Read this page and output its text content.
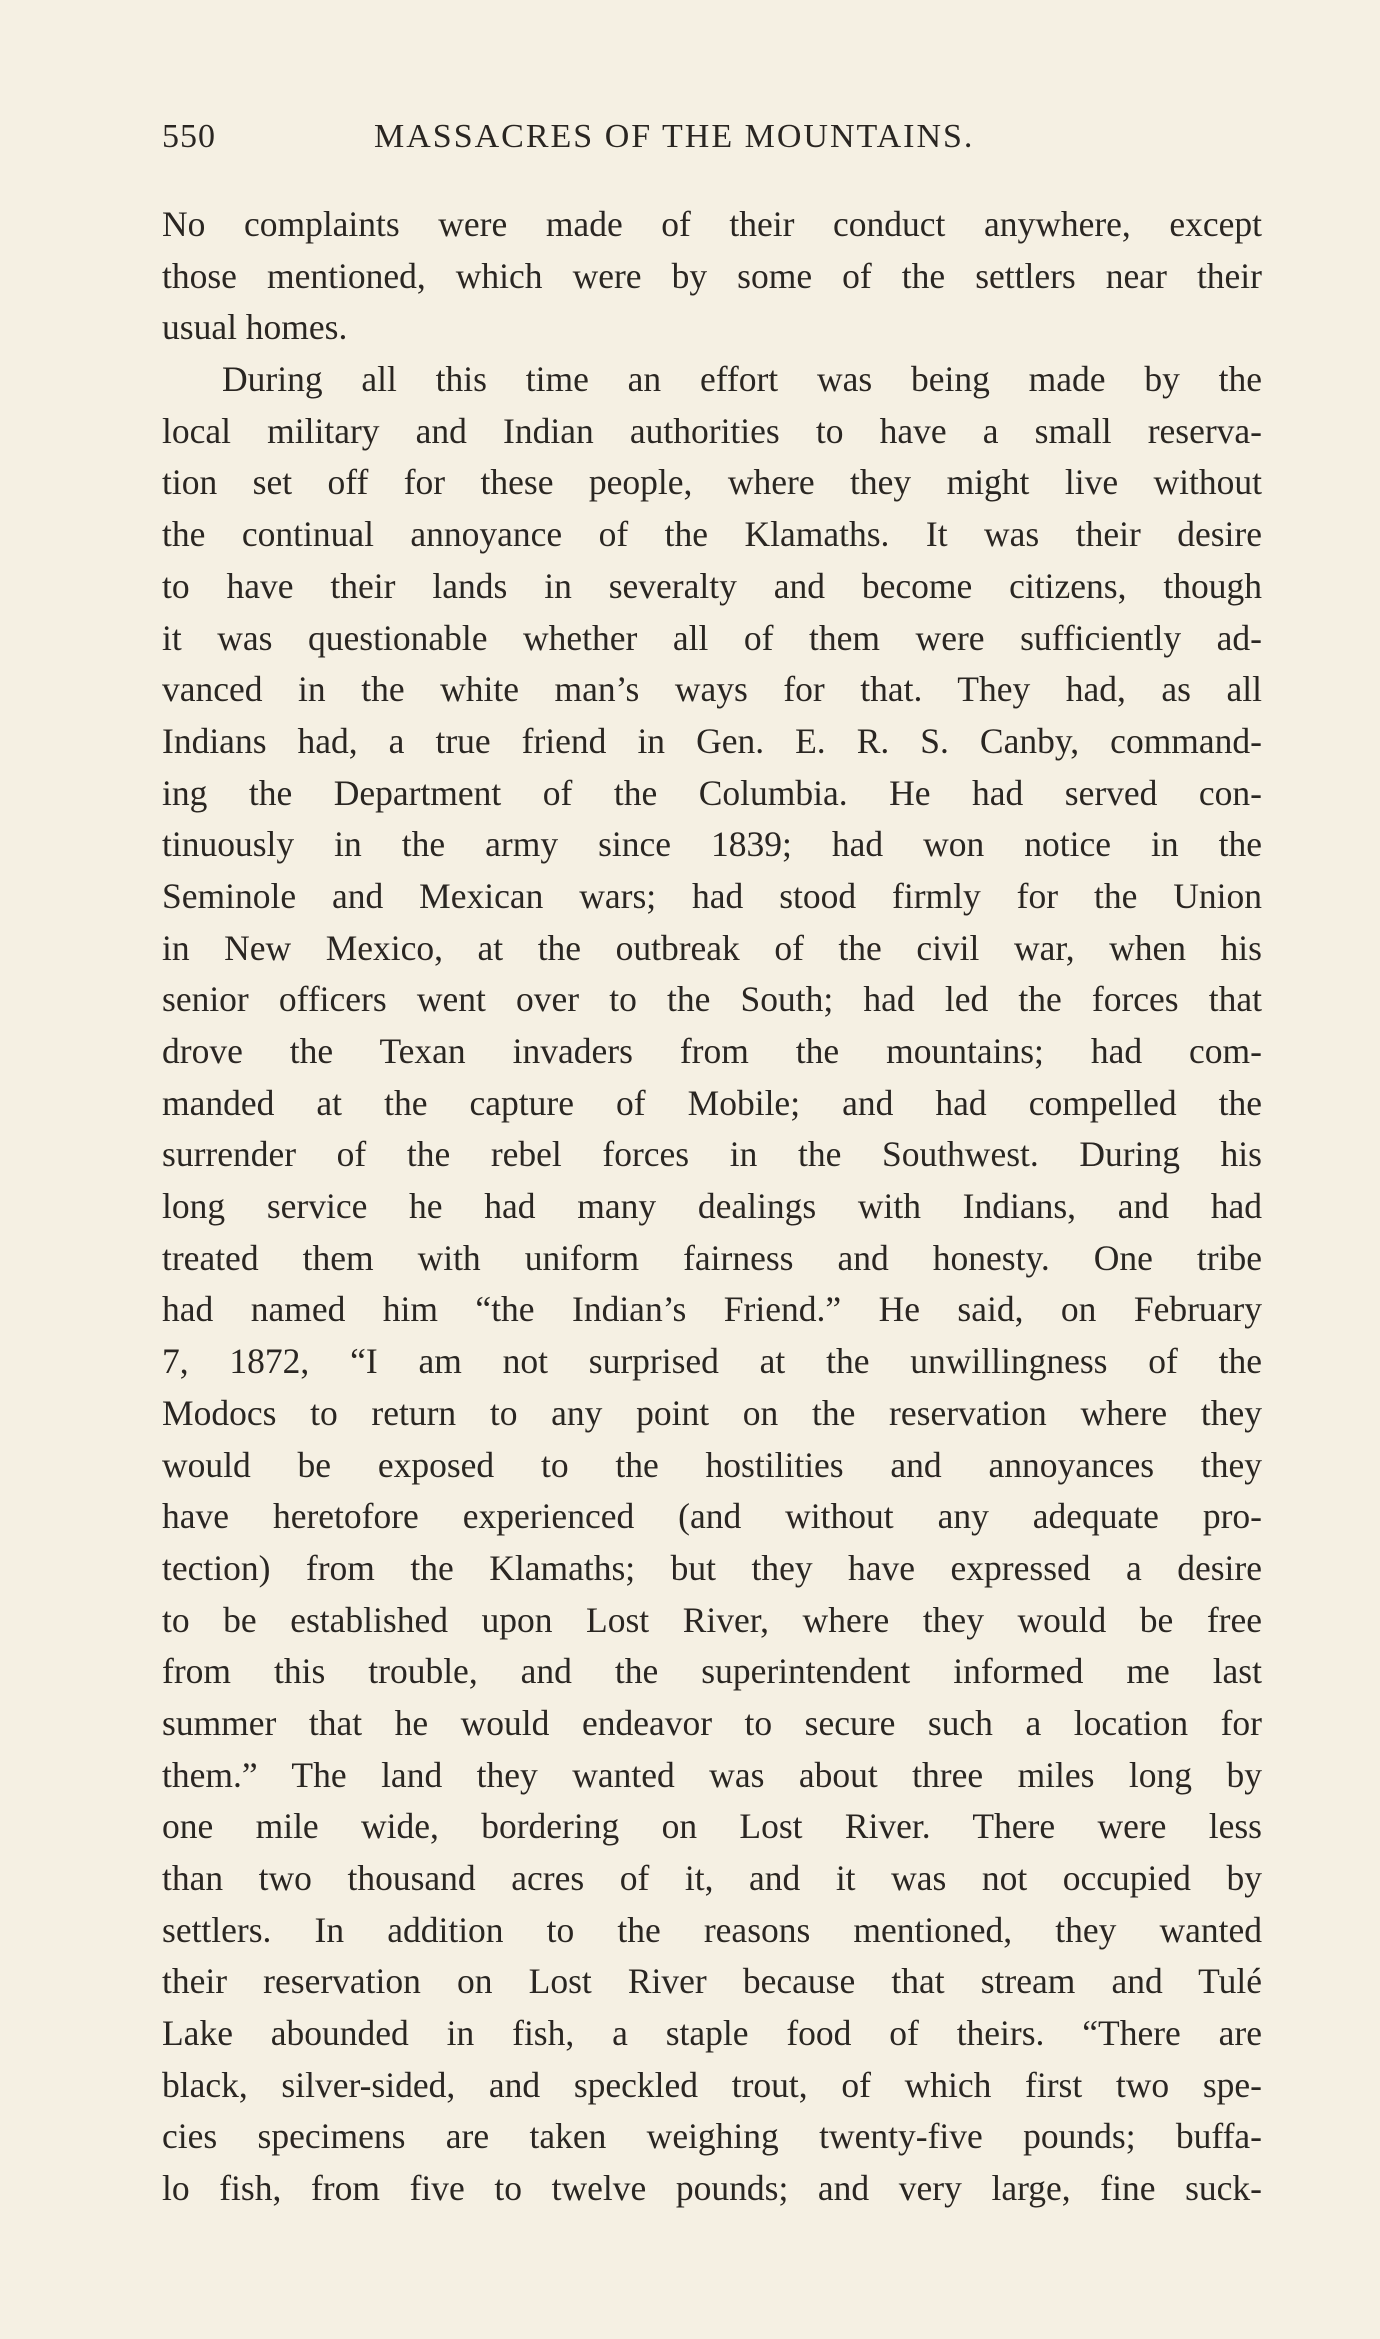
550	MASSACRES OF THE MOUNTAINS.
No complaints were made of their conduct anywhere, except
those mentioned, which were by some of the settlers near their
usual homes.
During all this time an effort was being made by the
local military and Indian authorities to have a small reserva-
tion set off for these people, where they might live without
the continual annoyance of the Klamaths. It was their desire
to have their lands in severalty and become citizens, though
it was questionable whether all of them were sufficiently ad-
vanced in the white man’s ways for that. They had, as all
Indians had, a true friend in Gen. E. R. S. Canby, command-
ing the Department of the Columbia. He had served con-
tinuously in the army since 1839; had won notice in the
Seminole and Mexican wars; had stood firmly for the Union
in New Mexico, at the outbreak of the civil war, when his
senior officers went over to the South; had led the forces that
drove the Texan invaders from the mountains; had com-
manded at the capture of Mobile; and had compelled the
surrender of the rebel forces in the Southwest. During his
long service he had many dealings with Indians, and had
treated them with uniform fairness and honesty. One tribe
had named him “the Indian’s Friend.” He said, on February
7, 1872, “I am not surprised at the unwillingness of the
Modocs to return to any point on the reservation where they
would be exposed to the hostilities and annoyances they
have heretofore experienced (and without any adequate pro-
tection) from the Klamaths; but they have expressed a desire
to be established upon Lost River, where they would be free
from this trouble, and the superintendent informed me last
summer that he would endeavor to secure such a location for
them.” The land they wanted was about three miles long by
one mile wide, bordering on Lost River. There were less
than two thousand acres of it, and it was not occupied by
settlers. In addition to the reasons mentioned, they wanted
their reservation on Lost River because that stream and Tulé
Lake abounded in fish, a staple food of theirs. “There are
black, silver-sided, and speckled trout, of which first two spe-
cies specimens are taken weighing twenty-five pounds; buffa-
lo fish, from five to twelve pounds; and very large, fine suck-
